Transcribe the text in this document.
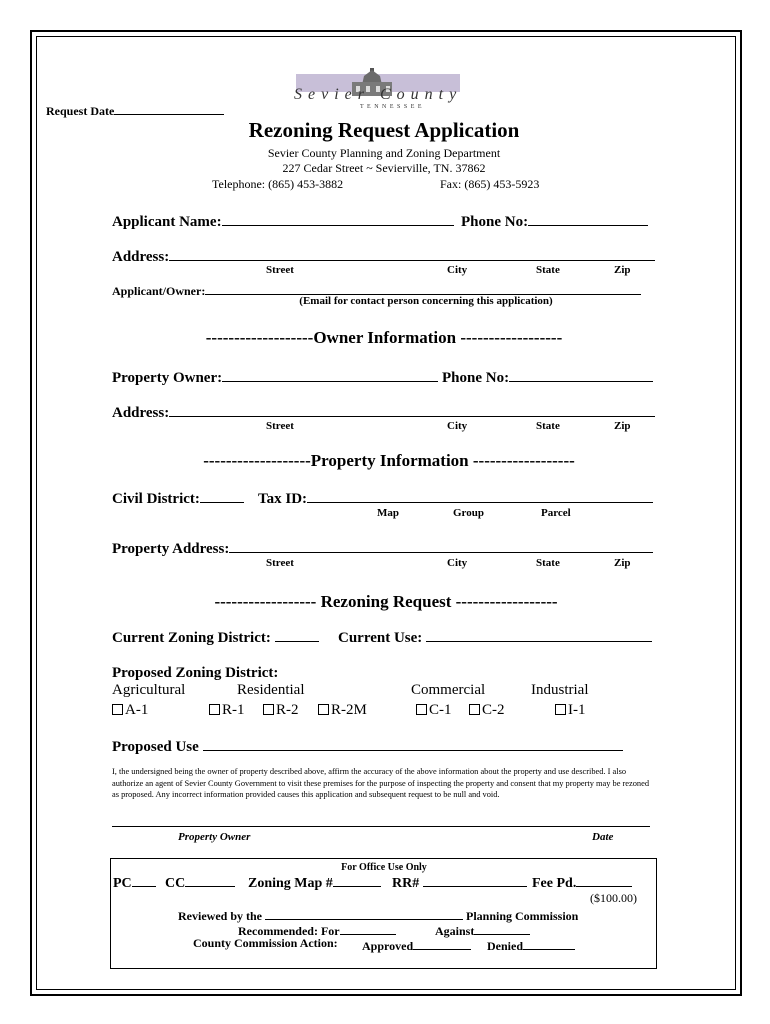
Sevier County
T E N N E S S E E
Request Date
Rezoning Request Application
Sevier County Planning and Zoning Department
227 Cedar Street ~ Sevierville, TN. 37862
Telephone: (865) 453-3882	Fax: (865) 453-5923
Applicant Name:	Phone No:
Address:
Street	City	State	Zip
Applicant/Owner:
(Email for contact person concerning this application)
-------------------Owner Information ------------------
Property Owner:	Phone No:
Address:
Street	City	State	Zip
-------------------Property Information ------------------
Civil District:	Tax ID:
Map	Group	Parcel
Property Address:
Street	City	State	Zip
------------------ Rezoning Request ------------------
Current Zoning District:	Current Use:
Proposed Zoning District:
Agricultural	Residential	Commercial	Industrial
A-1	R-1	R-2	R-2M	C-1	C-2	I-1
Proposed Use
I, the undersigned being the owner of property described above, affirm the accuracy of the above information about the property and use described. I also authorize an agent of Sevier County Government to visit these premises for the purpose of inspecting the property and consent that my property may be rezoned as proposed. Any incorrect information provided causes this application and subsequent request to be null and void.
Property Owner	Date
For Office Use Only
PC	CC	Zoning Map #	RR#	Fee Pd.
($100.00)
Reviewed by the	Planning Commission
Recommended: For	Against
County Commission Action: Approved	Denied
